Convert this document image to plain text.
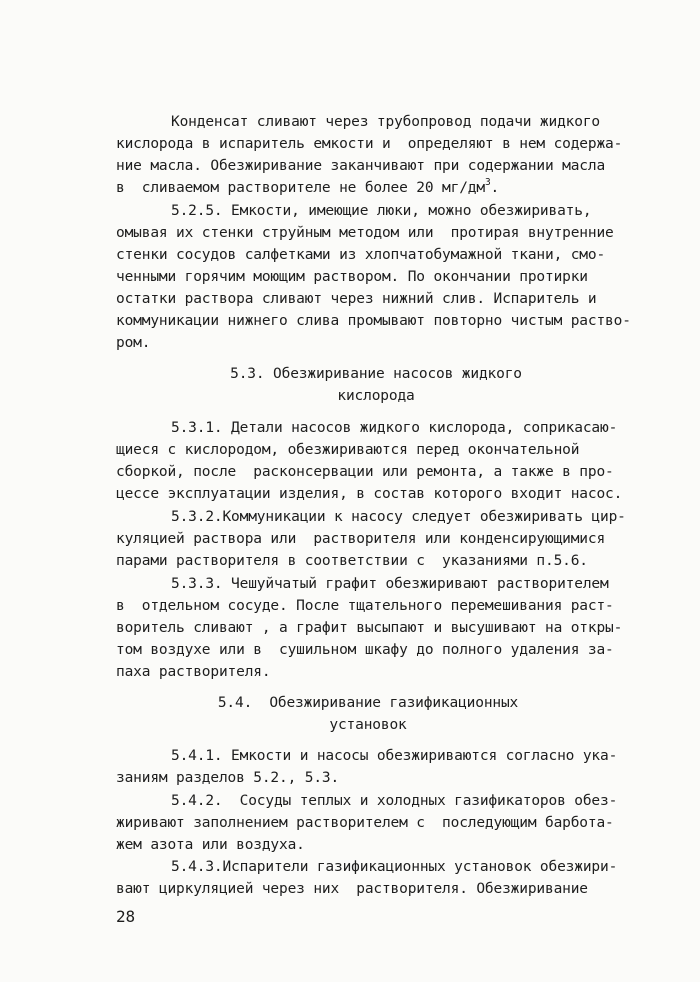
Конденсат сливают через трубопровод подачи жидкого
кислорода в испаритель емкости и  определяют в нем содержа-
ние масла. Обезжиривание заканчивают при содержании масла
в  сливаемом растворителе не более 20 $мг/дм^3$.
5.2.5. Емкости, имеющие люки, можно обезжиривать,
омывая их стенки струйным методом или  протирая внутренние
стенки сосудов салфетками из хлопчатобумажной ткани, смо-
ченными горячим моющим раствором. По окончании протирки
остатки раствора сливают через нижний слив. Испаритель и
коммуникации нижнего слива промывают повторно чистым раство-
ром.
5.3. Обезжиривание насосов жидкого
кислорода
5.3.1. Детали насосов жидкого кислорода, соприкасаю-
щиеся с кислородом, обезжириваются перед окончательной
сборкой, после  расконсервации или ремонта, а также в про-
цессе эксплуатации изделия, в состав которого входит насос.
5.3.2.Коммуникации к насосу следует обезжиривать цир-
куляцией раствора или  растворителя или конденсирующимися
парами растворителя в соответствии с  указаниями п.5.6.
5.3.3. Чешуйчатый графит обезжиривают растворителем
в  отдельном сосуде. После тщательного перемешивания раст-
воритель сливают , а графит высыпают и высушивают на откры-
том воздухе или в  сушильном шкафу до полного удаления за-
паха растворителя.
5.4.  Обезжиривание газификационных
установок
5.4.1. Емкости и насосы обезжириваются согласно ука-
заниям разделов 5.2., 5.3.
5.4.2.  Сосуды теплых и холодных газификаторов обез-
жиривают заполнением растворителем с  последующим барбота-
жем азота или воздуха.
5.4.3.Испарители газификационных установок обезжири-
вают циркуляцией через них  растворителя. Обезжиривание
28
